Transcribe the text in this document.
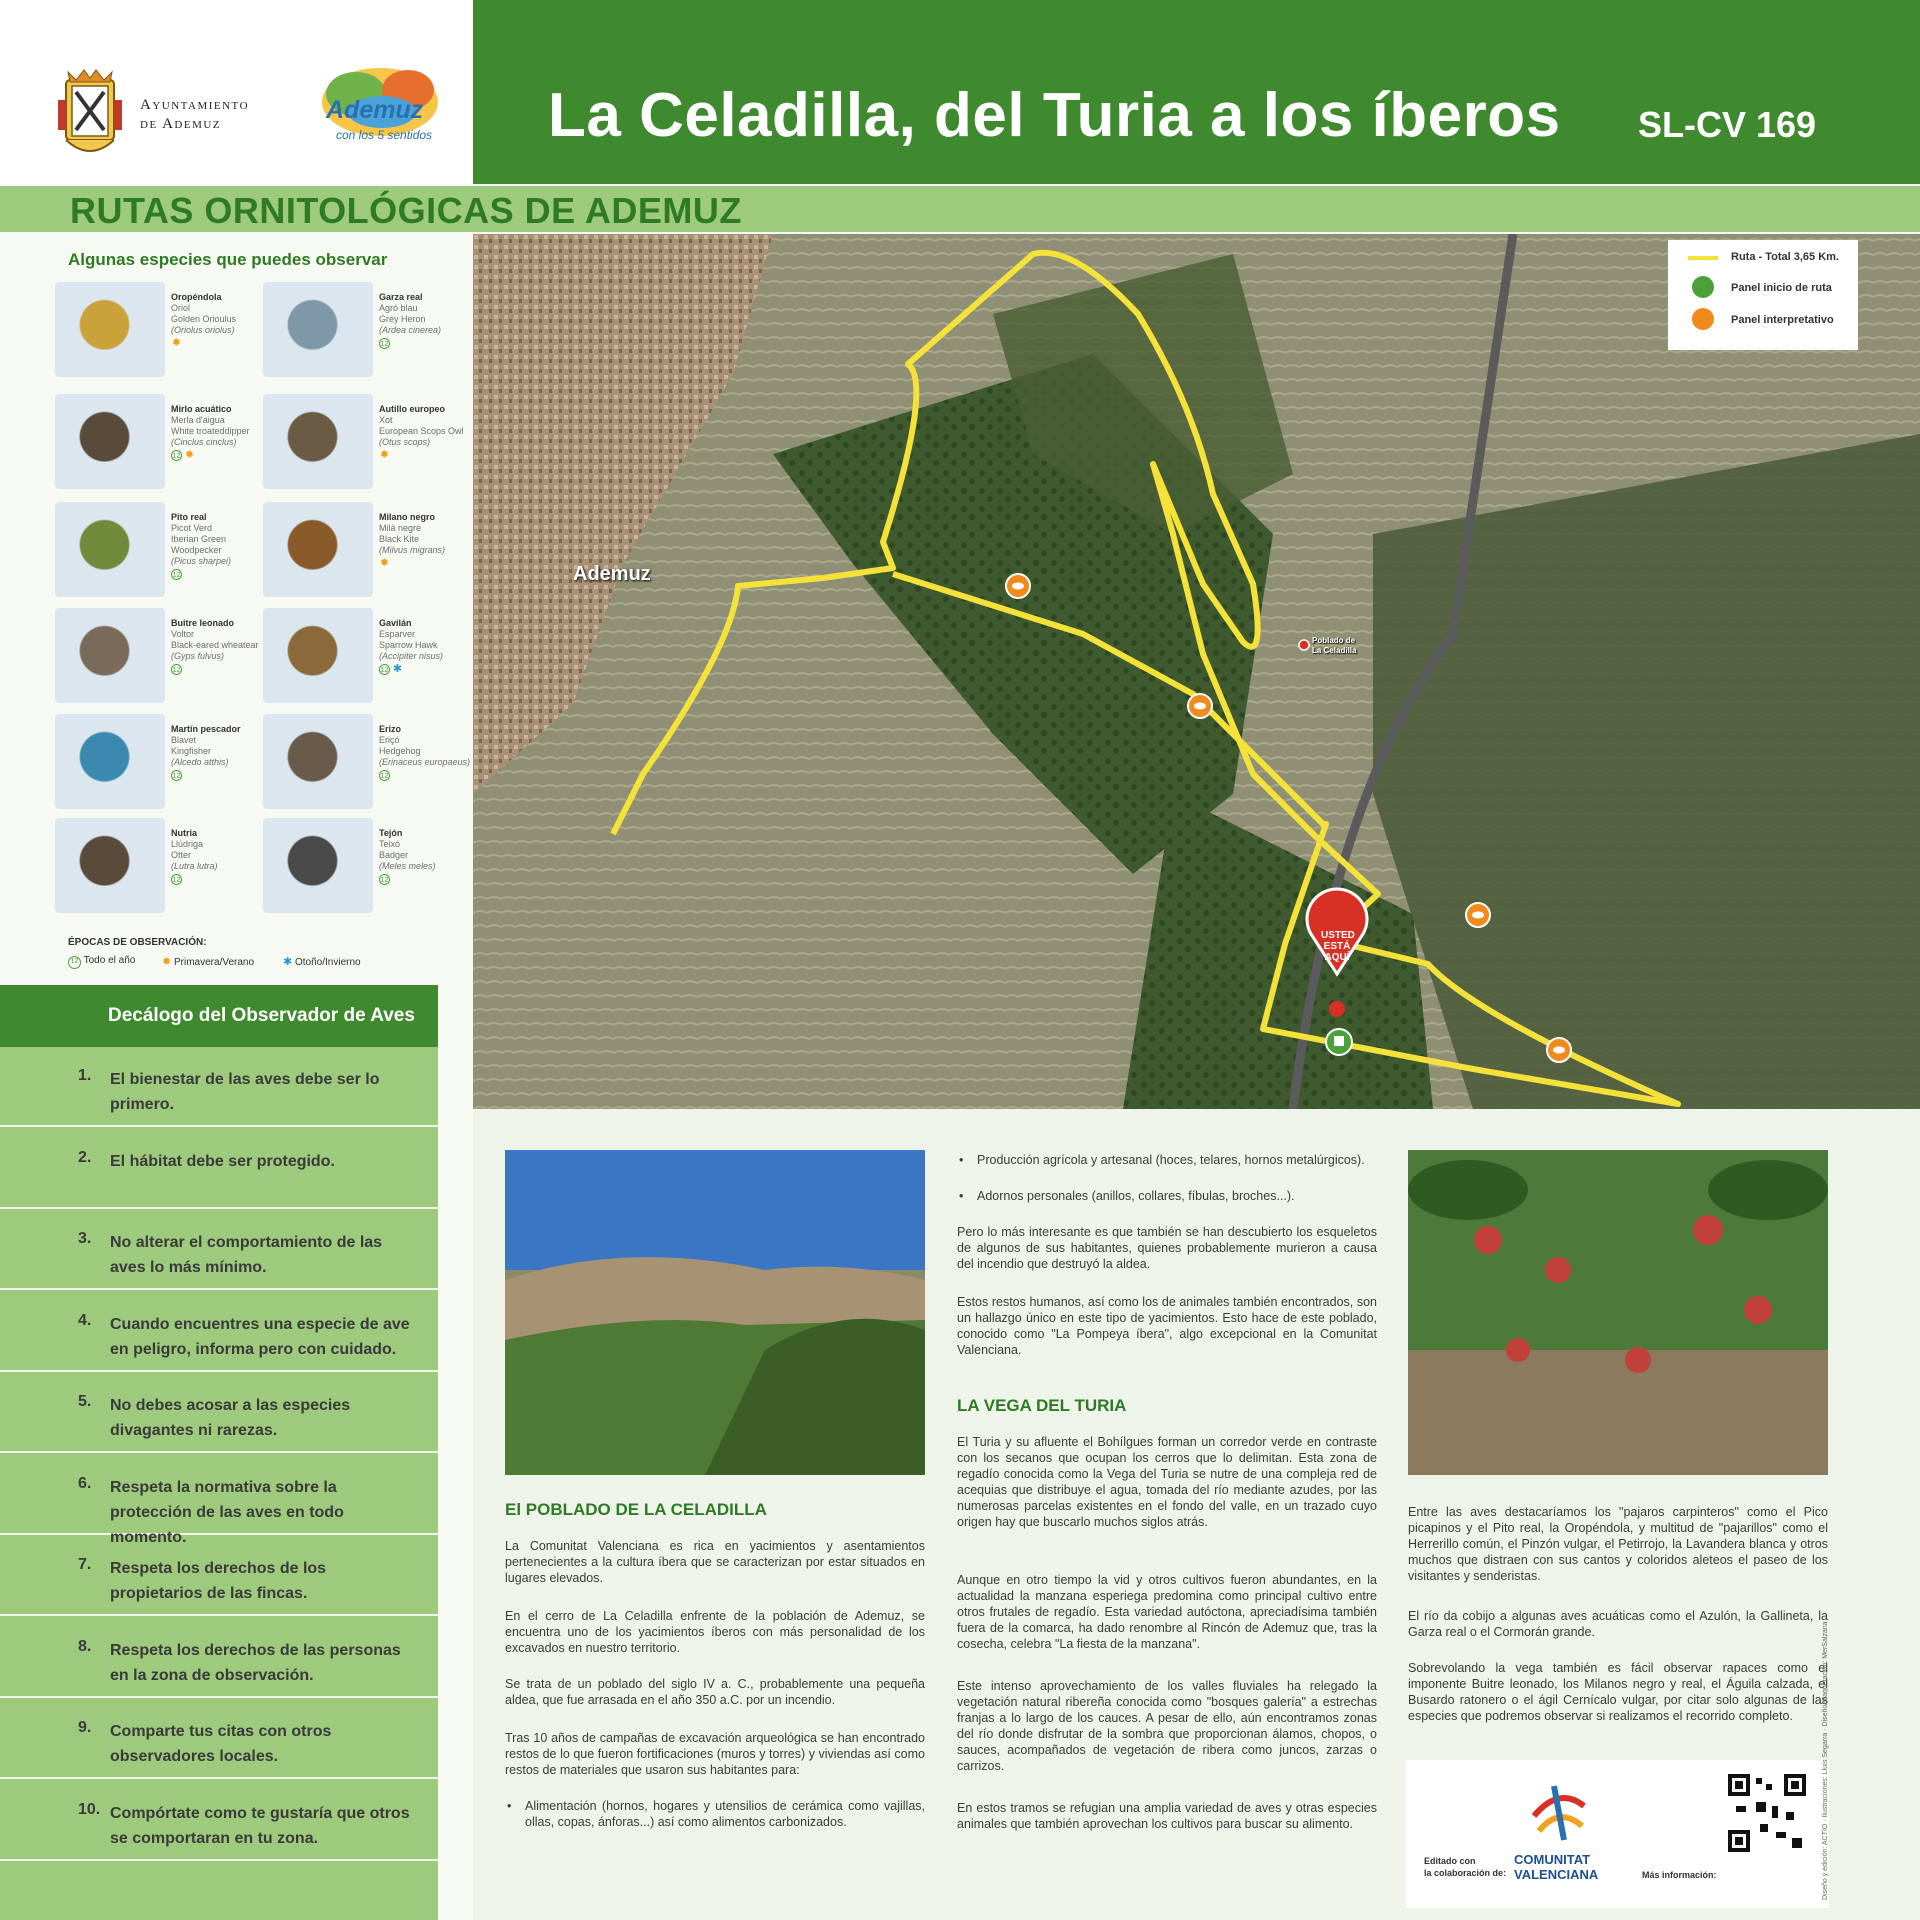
Ayuntamiento
de Ademuz	Ademuz
con los 5 sentidos La Celadilla, del Turia a los íberos SL-CV 169
RUTAS ORNITOLÓGICAS DE ADEMUZ
Algunas especies que puedes observar
Oropéndola
Oriol
Golden Orioulus
(Oriolus oriolus)
✹
Garza real
Agró blau
Grey Heron
(Ardea cinerea)
12
Mirlo acuático
Merla d'aigua
White troateddipper
(Cinclus cinclus)
12 ✹
Autillo europeo
Xot
European Scops Owl
(Otus scops)
✹
Pito real
Picot Verd
Iberian Green Woodpecker
(Picus sharpei)
12
Milano negro
Milà negre
Black Kite
(Milvus migrans)
✹
Buitre leonado
Voltor
Black-eared wheatear
(Gyps fulvus)
12
Gavilán
Esparver
Sparrow Hawk
(Accipiter nisus)
12 ✱
Martín pescador
Blavet
Kingfisher
(Alcedo atthis)
12
Erizo
Eriçó
Hedgehog
(Erinaceus europaeus)
12
Nutria
Llúdriga
Otter
(Lutra lutra)
12
Tejón
Teixó
Badger
(Meles meles)
12
ÉPOCAS DE OBSERVACIÓN:
12 Todo el año ✹ Primavera/Verano	✱ Otoño/Invierno
Decálogo del Observador de Aves
1. El bienestar de las aves debe ser lo primero.
2. El hábitat debe ser protegido.
3. No alterar el comportamiento de las aves lo más mínimo.
4. Cuando encuentres una especie de ave en peligro, informa pero con cuidado.
5. No debes acosar a las especies divagantes ni rarezas.
6. Respeta la normativa sobre la protección de las aves en todo momento.
7. Respeta los derechos de los propietarios de las fincas.
8. Respeta los derechos de las personas en la zona de observación.
9. Comparte tus citas con otros observadores locales.
10. Compórtate como te gustaría que otros se comportaran en tu zona.
Ademuz
Poblado de
La Celadilla
USTED
ESTÁ
AQUÍ
Ruta - Total 3,65 Km.
Panel inicio de ruta
Panel interpretativo
El POBLADO DE LA CELADILLA
La Comunitat Valenciana es rica en yacimientos y asentamientos pertenecientes a la cultura íbera que se caracterizan por estar situados en lugares elevados.
En el cerro de La Celadilla enfrente de la población de Ademuz, se encuentra uno de los yacimientos íberos con más personalidad de los excavados en nuestro territorio.
Se trata de un poblado del siglo IV a. C., probablemente una pequeña aldea, que fue arrasada en el año 350 a.C. por un incendio.
Tras 10 años de campañas de excavación arqueológica se han encontrado restos de lo que fueron fortificaciones (muros y torres) y viviendas así como restos de materiales que usaron sus habitantes para:
• Alimentación (hornos, hogares y utensilios de cerámica como vajillas, ollas, copas, ánforas...) así como alimentos carbonizados.
• Producción agrícola y artesanal (hoces, telares, hornos metalúrgicos).
• Adornos personales (anillos, collares, fíbulas, broches...).
Pero lo más interesante es que también se han descubierto los esqueletos de algunos de sus habitantes, quienes probablemente murieron a causa del incendio que destruyó la aldea.
Estos restos humanos, así como los de animales también encontrados, son un hallazgo único en este tipo de yacimientos. Esto hace de este poblado, conocido como "La Pompeya íbera", algo excepcional en la Comunitat Valenciana.
LA VEGA DEL TURIA
El Turia y su afluente el Bohílgues forman un corredor verde en contraste con los secanos que ocupan los cerros que lo delimitan. Esta zona de regadío conocida como la Vega del Turia se nutre de una compleja red de acequias que distribuye el agua, tomada del río mediante azudes, por las numerosas parcelas existentes en el fondo del valle, en un trazado cuyo origen hay que buscarlo muchos siglos atrás.
Aunque en otro tiempo la vid y otros cultivos fueron abundantes, en la actualidad la manzana esperiega predomina como principal cultivo entre otros frutales de regadío. Esta variedad autóctona, apreciadísima también fuera de la comarca, ha dado renombre al Rincón de Ademuz que, tras la cosecha, celebra "La fiesta de la manzana".
Este intenso aprovechamiento de los valles fluviales ha relegado la vegetación natural ribereña conocida como "bosques galería" a estrechas franjas a lo largo de los cauces. A pesar de ello, aún encontramos zonas del río donde disfrutar de la sombra que proporcionan álamos, chopos, o sauces, acompañados de vegetación de ribera como juncos, zarzas o carrizos.
En estos tramos se refugian una amplia variedad de aves y otras especies animales que también aprovechan los cultivos para buscar su alimento.
Entre las aves destacaríamos los "pajaros carpinteros" como el Pico picapinos y el Pito real, la Oropéndola, y multitud de "pajarillos" como el Herrerillo común, el Pinzón vulgar, el Petirrojo, la Lavandera blanca y otros muchos que distraen con sus cantos y coloridos aleteos el paseo de los visitantes y senderistas.
El río da cobijo a algunas aves acuáticas como el Azulón, la Gallineta, la Garza real o el Cormorán grande.
Sobrevolando la vega también es fácil observar rapaces como el imponente Buitre leonado, los Milanos negro y real, el Águila calzada, el Busardo ratonero o el ágil Cernícalo vulgar, por citar solo algunas de las especies que podremos observar si realizamos el recorrido completo.
Editado con
la colaboración de:
COMUNITAT
VALENCIANA	Más información:	Diseño y edición: ACTIO · Ilustraciones: Lluís Segarra · Diseño/Maquetación: MerSalzana
